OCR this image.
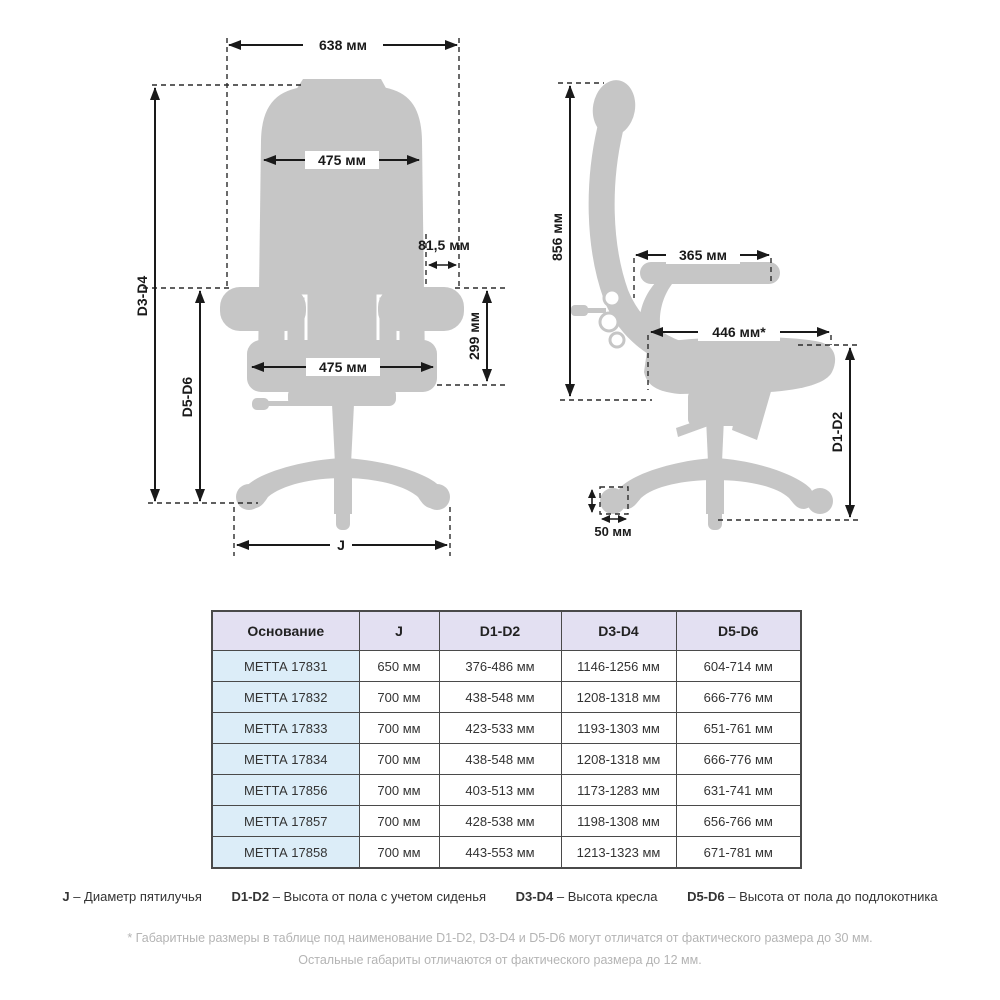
638 мм
475 мм
81,5 мм
299 мм
475 мм
D3-D4
D5-D6
J
856 мм	365 мм
446 мм*
D1-D2
50 мм
Основание	J	D1-D2	D3-D4	D5-D6
МЕТТА 17831	650 мм	376-486 мм	1146-1256 мм	604-714 мм
МЕТТА 17832	700 мм	438-548 мм	1208-1318 мм	666-776 мм
МЕТТА 17833	700 мм	423-533 мм	1193-1303 мм	651-761 мм
МЕТТА 17834	700 мм	438-548 мм	1208-1318 мм	666-776 мм
МЕТТА 17856	700 мм	403-513 мм	1173-1283 мм	631-741 мм
МЕТТА 17857	700 мм	428-538 мм	1198-1308 мм	656-766 мм
МЕТТА 17858	700 мм	443-553 мм	1213-1323 мм	671-781 мм
J – Диаметр пятилучья D1-D2 – Высота от пола с учетом сиденья D3-D4 – Высота кресла D5-D6 – Высота от пола до подлокотника
* Габаритные размеры в таблице под наименование D1-D2, D3-D4 и D5-D6 могут отличатся от фактического размера до 30 мм.
Остальные габариты отличаются от фактического размера до 12 мм.
